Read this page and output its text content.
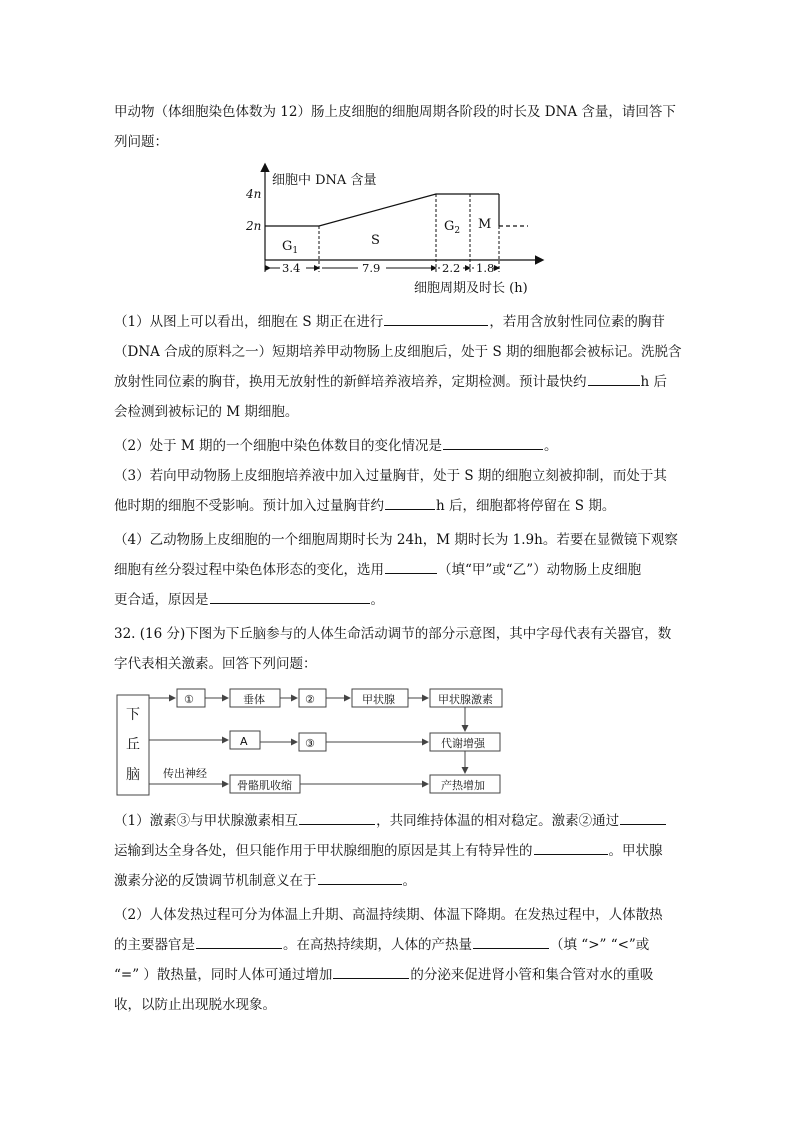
甲动物（体细胞染色体数为 12）肠上皮细胞的细胞周期各阶段的时长及 DNA 含量，请回答下
列问题：
细胞中 DNA 含量
4n
2n
$G_1$
S
$G_2$ M
3.4	7.9	2.2 1.8
细胞周期及时长 (h)
（1）从图上可以看出，细胞在 S 期正在进行	，若用含放射性同位素的胸苷
（DNA 合成的原料之一）短期培养甲动物肠上皮细胞后，处于 S 期的细胞都会被标记。洗脱含
放射性同位素的胸苷，换用无放射性的新鲜培养液培养，定期检测。预计最快约	h 后
会检测到被标记的 M 期细胞。
（2）处于 M 期的一个细胞中染色体数目的变化情况是	。
（3）若向甲动物肠上皮细胞培养液中加入过量胸苷，处于 S 期的细胞立刻被抑制，而处于其
他时期的细胞不受影响。预计加入过量胸苷约	h 后，细胞都将停留在 S 期。
（4）乙动物肠上皮细胞的一个细胞周期时长为 24h，M 期时长为 1.9h。若要在显微镜下观察
细胞有丝分裂过程中染色体形态的变化，选用	（填“甲”或“乙”）动物肠上皮细胞
更合适，原因是	。
32. (16 分)下图为下丘脑参与的人体生命活动调节的部分示意图，其中字母代表有关器官，数
字代表相关激素。回答下列问题：
下
丘
脑
①	垂体	②	甲状腺	甲状腺激素
A	③	代谢增强
传出神经
骨骼肌收缩	产热增加
（1）激素③与甲状腺激素相互	，共同维持体温的相对稳定。激素②通过
运输到达全身各处，但只能作用于甲状腺细胞的原因是其上有特异性的	。甲状腺
激素分泌的反馈调节机制意义在于	。
（2）人体发热过程可分为体温上升期、高温持续期、体温下降期。在发热过程中，人体散热
的主要器官是	。在高热持续期，人体的产热量	（填 “>” “<”或
“=” ）散热量，同时人体可通过增加	的分泌来促进肾小管和集合管对水的重吸
收，以防止出现脱水现象。
